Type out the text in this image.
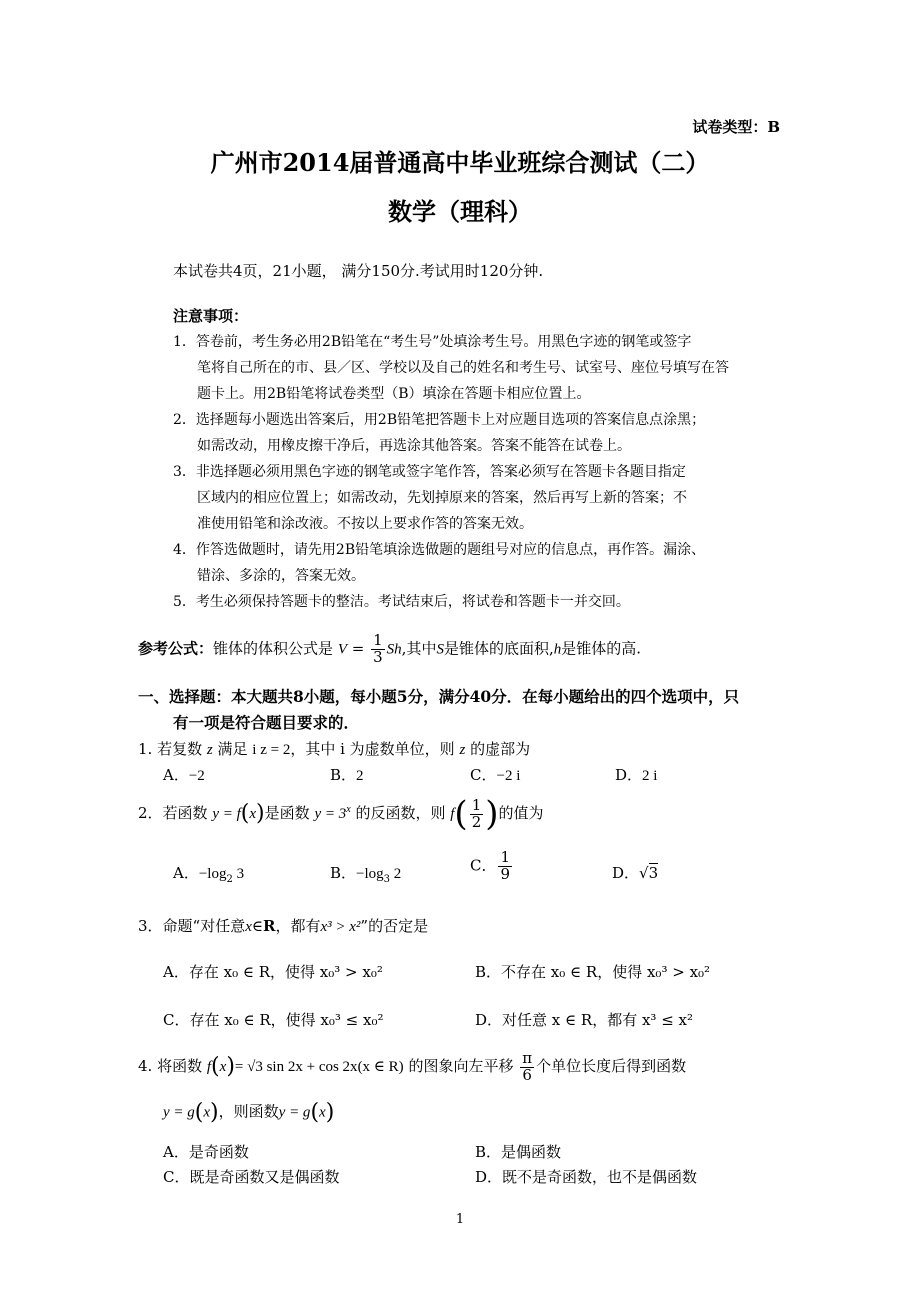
试卷类型：B
广州市2014届普通高中毕业班综合测试（二）
数学（理科）
本试卷共4页，21小题， 满分150分.考试用时120分钟.
注意事项：
1．答卷前，考生务必用2B铅笔在“考生号”处填涂考生号。用黑色字迹的钢笔或签字
笔将自己所在的市、县／区、学校以及自己的姓名和考生号、试室号、座位号填写在答
题卡上。用2B铅笔将试卷类型（B）填涂在答题卡相应位置上。
2．选择题每小题选出答案后，用2B铅笔把答题卡上对应题目选项的答案信息点涂黑；
如需改动，用橡皮擦干净后，再选涂其他答案。答案不能答在试卷上。
3．非选择题必须用黑色字迹的钢笔或签字笔作答，答案必须写在答题卡各题目指定
区域内的相应位置上；如需改动，先划掉原来的答案，然后再写上新的答案；不
准使用铅笔和涂改液。不按以上要求作答的答案无效。
4．作答选做题时，请先用2B铅笔填涂选做题的题组号对应的信息点，再作答。漏涂、
错涂、多涂的，答案无效。
5．考生必须保持答题卡的整洁。考试结束后，将试卷和答题卡一并交回。
参考公式：锥体的体积公式是 $V = \frac{1}{3} Sh$,其中S是锥体的底面积,h是锥体的高.
一、选择题：本大题共8小题，每小题5分，满分40分．在每小题给出的四个选项中，只
有一项是符合题目要求的．
1. 若复数 z 满足 i z = 2，其中 i 为虚数单位，则 z 的虚部为
A．−2	B．2	C．−2 i	D．2 i
2．若函数 y = f(x)是函数 $y = 3^x$ 的反函数，则 $f( \frac{1}{2}$ )的值为
A．$-\log_2$ 3	B．$-\log_3$ 2	C． $\frac{1}{9}$	D．√3
3．命题“对任意x∈R，都有x³ > x²”的否定是
A．存在 x₀ ∈ R，使得 x₀³ > x₀²	B．不存在 x₀ ∈ R，使得 x₀³ > x₀²
C．存在 x₀ ∈ R，使得 x₀³ ≤ x₀²	D．对任意 x ∈ R，都有 x³ ≤ x²
4. 将函数 f(x)= √3 sin 2x + cos 2x(x ∈ R) 的图象向左平移 $\frac{\pi}{6}$ 个单位长度后得到函数
y = g(x)，则函数y = g(x)
A．是奇函数	B．是偶函数
C．既是奇函数又是偶函数	D．既不是奇函数，也不是偶函数
1
